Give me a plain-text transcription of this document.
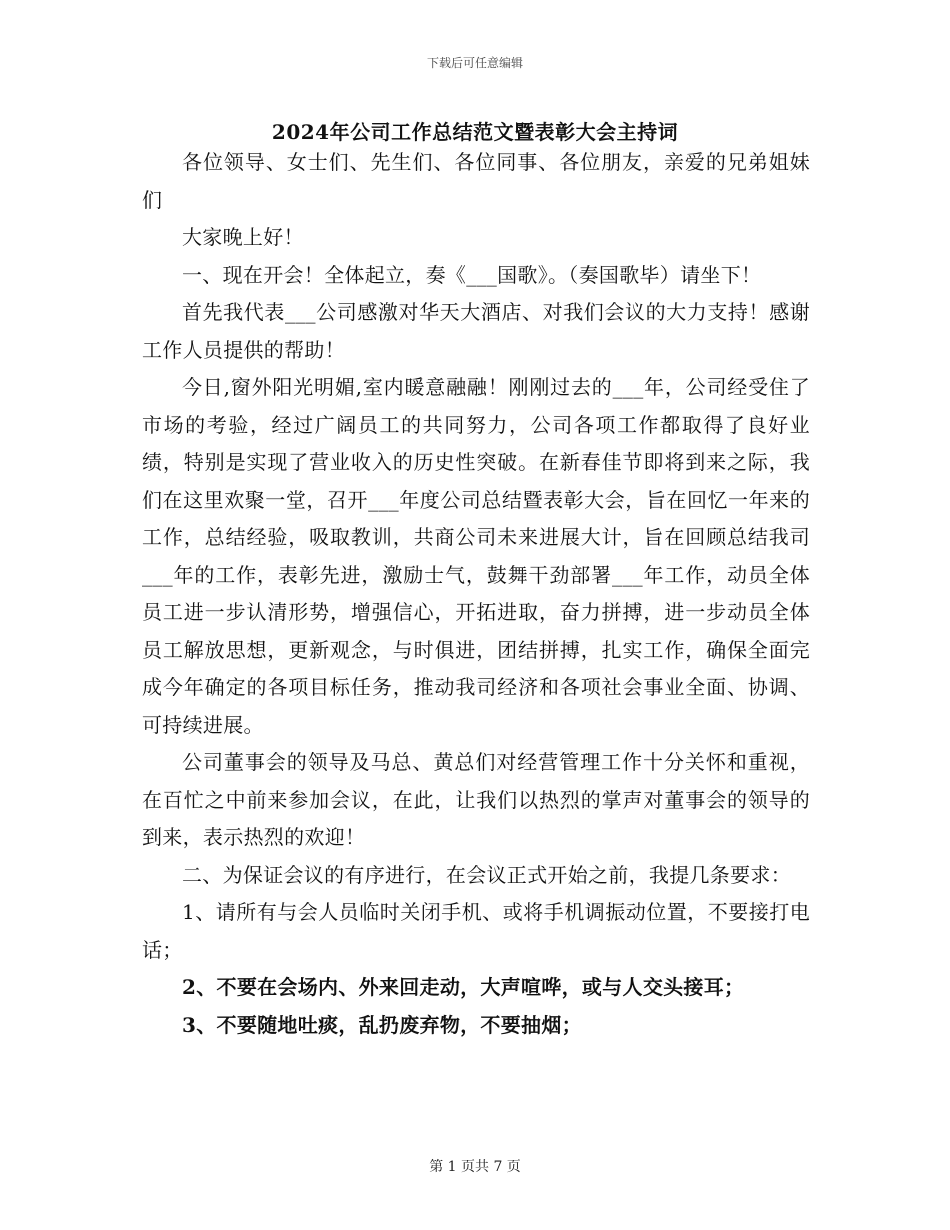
下载后可任意编辑
2024年公司工作总结范文暨表彰大会主持词

各位领导、女士们、先生们、各位同事、各位朋友，亲爱的兄弟姐妹们

大家晚上好！

一、现在开会！全体起立，奏《___国歌》。（奏国歌毕）请坐下！

首先我代表___公司感激对华天大酒店、对我们会议的大力支持！感谢工作人员提供的帮助！

今日,窗外阳光明媚,室内暖意融融！刚刚过去的___年，公司经受住了市场的考验，经过广阔员工的共同努力，公司各项工作都取得了良好业绩，特别是实现了营业收入的历史性突破。在新春佳节即将到来之际，我们在这里欢聚一堂，召开___年度公司总结暨表彰大会，旨在回忆一年来的工作，总结经验，吸取教训，共商公司未来进展大计，旨在回顾总结我司___年的工作，表彰先进，激励士气，鼓舞干劲部署___年工作，动员全体员工进一步认清形势，增强信心，开拓进取，奋力拼搏，进一步动员全体员工解放思想，更新观念，与时俱进，团结拼搏，扎实工作，确保全面完成今年确定的各项目标任务，推动我司经济和各项社会事业全面、协调、可持续进展。

公司董事会的领导及马总、黄总们对经营管理工作十分关怀和重视，在百忙之中前来参加会议，在此，让我们以热烈的掌声对董事会的领导的到来，表示热烈的欢迎！

二、为保证会议的有序进行，在会议正式开始之前，我提几条要求：

1、请所有与会人员临时关闭手机、或将手机调振动位置，不要接打电话；

2、不要在会场内、外来回走动，大声喧哗，或与人交头接耳；

3、不要随地吐痰，乱扔废弃物，不要抽烟；

第 1 页共 7 页
